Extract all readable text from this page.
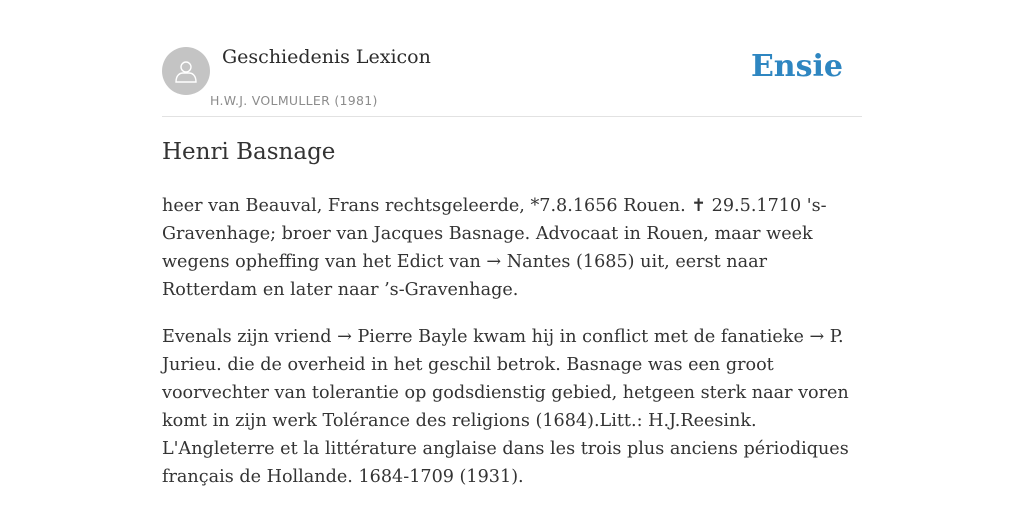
Geschiedenis Lexicon
H.W.J. VOLMULLER (1981)
Ensie
Henri Basnage

heer van Beauval, Frans rechtsgeleerde, *7.8.1656 Rouen. ✝ 29.5.1710 's-Gravenhage; broer van Jacques Basnage. Advocaat in Rouen, maar week wegens opheffing van het Edict van → Nantes (1685) uit, eerst naar Rotterdam en later naar ’s-Gravenhage.

Evenals zijn vriend → Pierre Bayle kwam hij in conflict met de fanatieke → P. Jurieu. die de overheid in het geschil betrok. Basnage was een groot voorvechter van tolerantie op godsdienstig gebied, hetgeen sterk naar voren komt in zijn werk Tolérance des religions (1684).Litt.: H.J.Reesink. L'Angleterre et la littérature anglaise dans les trois plus anciens périodiques français de Hollande. 1684-1709 (1931).
